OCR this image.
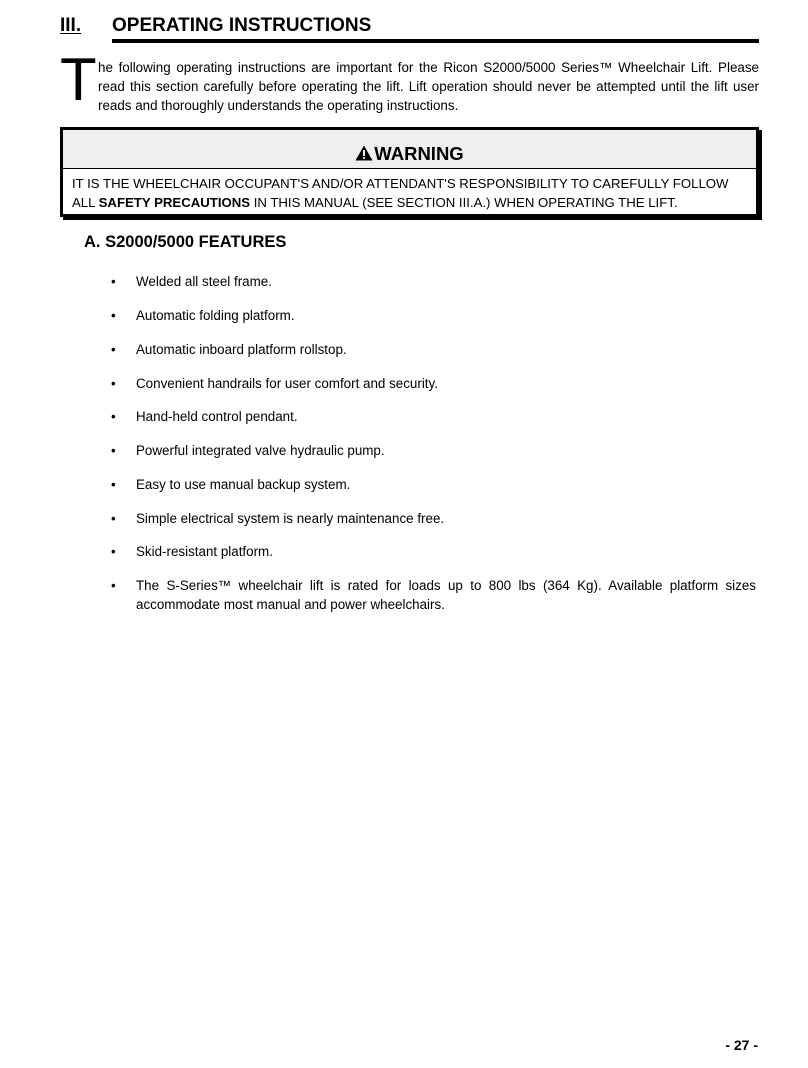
III. OPERATING INSTRUCTIONS
T he following operating instructions are important for the Ricon S2000/5000 Series™ Wheelchair Lift. Please read this section carefully before operating the lift. Lift operation should never be attempted until the lift user reads and thoroughly understands the operating instructions.

WARNING
IT IS THE WHEELCHAIR OCCUPANT'S AND/OR ATTENDANT'S RESPONSIBILITY TO CAREFULLY FOLLOW ALL SAFETY PRECAUTIONS IN THIS MANUAL (SEE SECTION III.A.) WHEN OPERATING THE LIFT.
A. S2000/5000 FEATURES
• Welded all steel frame.
• Automatic folding platform.
• Automatic inboard platform rollstop.
• Convenient handrails for user comfort and security.
• Hand-held control pendant.
• Powerful integrated valve hydraulic pump.
• Easy to use manual backup system.
• Simple electrical system is nearly maintenance free.
• Skid-resistant platform.
• The S-Series™ wheelchair lift is rated for loads up to 800 lbs (364 Kg). Available platform sizes accommodate most manual and power wheelchairs.
- 27 -
